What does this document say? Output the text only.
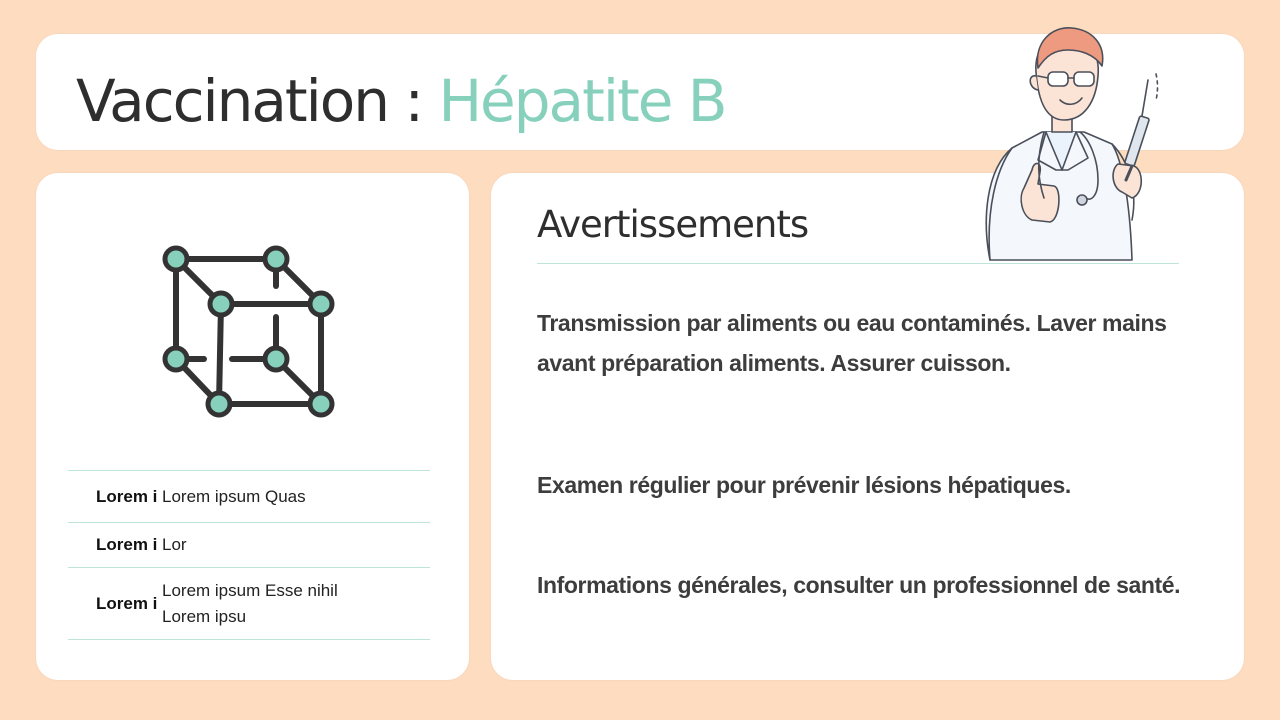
Vaccination : Hépatite B
Lorem i Lorem ipsum Quas
Lorem i Lor
Lorem i
Lorem ipsum Esse nihil
Lorem ipsu
Avertissements

Transmission par aliments ou eau contaminés. Laver mains avant préparation aliments. Assurer cuisson.

Examen régulier pour prévenir lésions hépatiques.

Informations générales, consulter un professionnel de santé.
